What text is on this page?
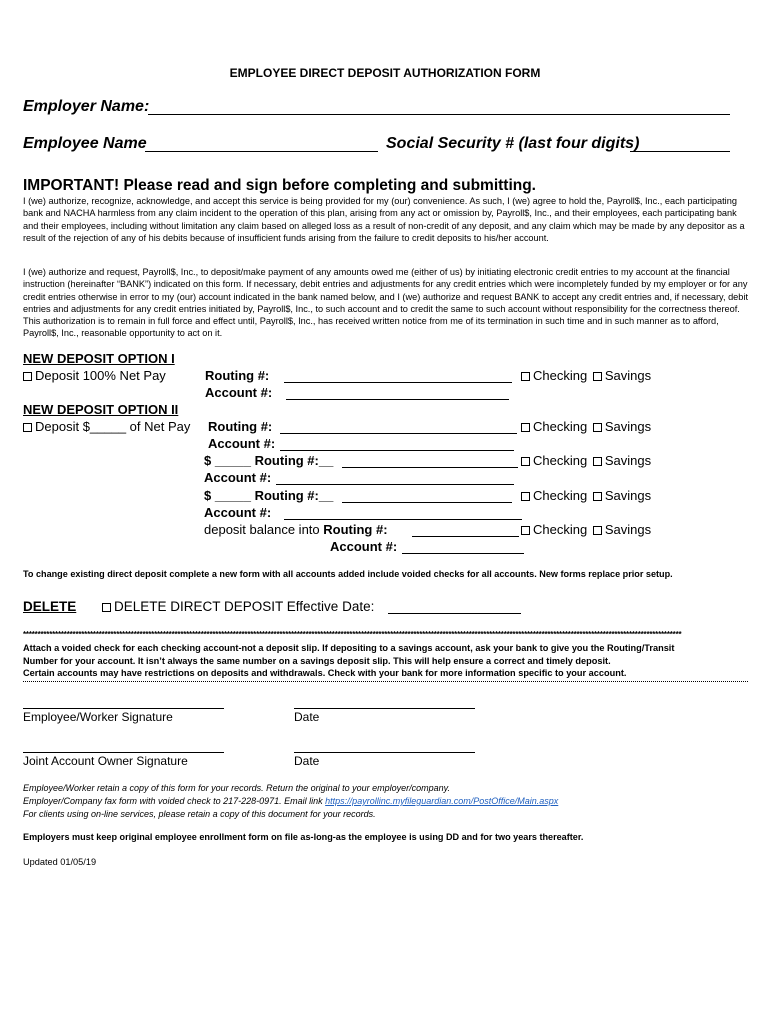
EMPLOYEE DIRECT DEPOSIT AUTHORIZATION FORM
Employer Name:
Employee Name	Social Security # (last four digits)
IMPORTANT! Please read and sign before completing and submitting.
I (we) authorize, recognize, acknowledge, and accept this service is being provided for my (our) convenience. As such, I (we) agree to hold the, Payroll$, Inc., each participating bank and NACHA harmless from any claim incident to the operation of this plan, arising from any act or omission by, Payroll$, Inc., and their employees, each participating bank and their employees, including without limitation any claim based on alleged loss as a result of non-credit of any deposit, and any claim which may be made by any depositor as a result of the rejection of any of his debits because of insufficient funds arising from the failure to credit deposits to his/her account.
I (we) authorize and request, Payroll$, Inc., to deposit/make payment of any amounts owed me (either of us) by initiating electronic credit entries to my account at the financial instruction (hereinafter “BANK”) indicated on this form. If necessary, debit entries and adjustments for any credit entries which were incompletely funded by my employer or for any credit entries otherwise in error to my (our) account indicated in the bank named below, and I (we) authorize and request BANK to accept any credit entries and, if necessary, debit entries and adjustments for any credit entries initiated by, Payroll$, Inc., to such account and to credit the same to such account without responsibility for the correctness thereof. This authorization is to remain in full force and effect until, Payroll$, Inc., has received written notice from me of its termination in such time and in such manner as to afford, Payroll$, Inc., reasonable opportunity to act on it.
NEW DEPOSIT OPTION I
Deposit 100% Net Pay	Routing #:	Checking Savings
Account #:
NEW DEPOSIT OPTION II
Deposit $_____ of Net Pay Routing #:	Checking Savings
Account #:
$ _____ Routing #:__	Checking Savings
Account #:
$ _____ Routing #:__	Checking Savings
Account #:
deposit balance into Routing #:	Checking Savings
Account #:
To change existing direct deposit complete a new form with all accounts added include voided checks for all accounts. New forms replace prior setup.
DELETE	DELETE DIRECT DEPOSIT Effective Date:
**********************************************************************************************************************************************************************************************************************************
Attach a voided check for each checking account-not a deposit slip. If depositing to a savings account, ask your bank to give you the Routing/Transit
Number for your account. It isn’t always the same number on a savings deposit slip. This will help ensure a correct and timely deposit.
Certain accounts may have restrictions on deposits and withdrawals. Check with your bank for more information specific to your account.
Employee/Worker Signature	Date
Joint Account Owner Signature	Date
Employee/Worker retain a copy of this form for your records. Return the original to your employer/company.
Employer/Company fax form with voided check to 217-228-0971. Email link https://payrollinc.myfileguardian.com/PostOffice/Main.aspx
For clients using on-line services, please retain a copy of this document for your records.
Employers must keep original employee enrollment form on file as-long-as the employee is using DD and for two years thereafter.
Updated 01/05/19
